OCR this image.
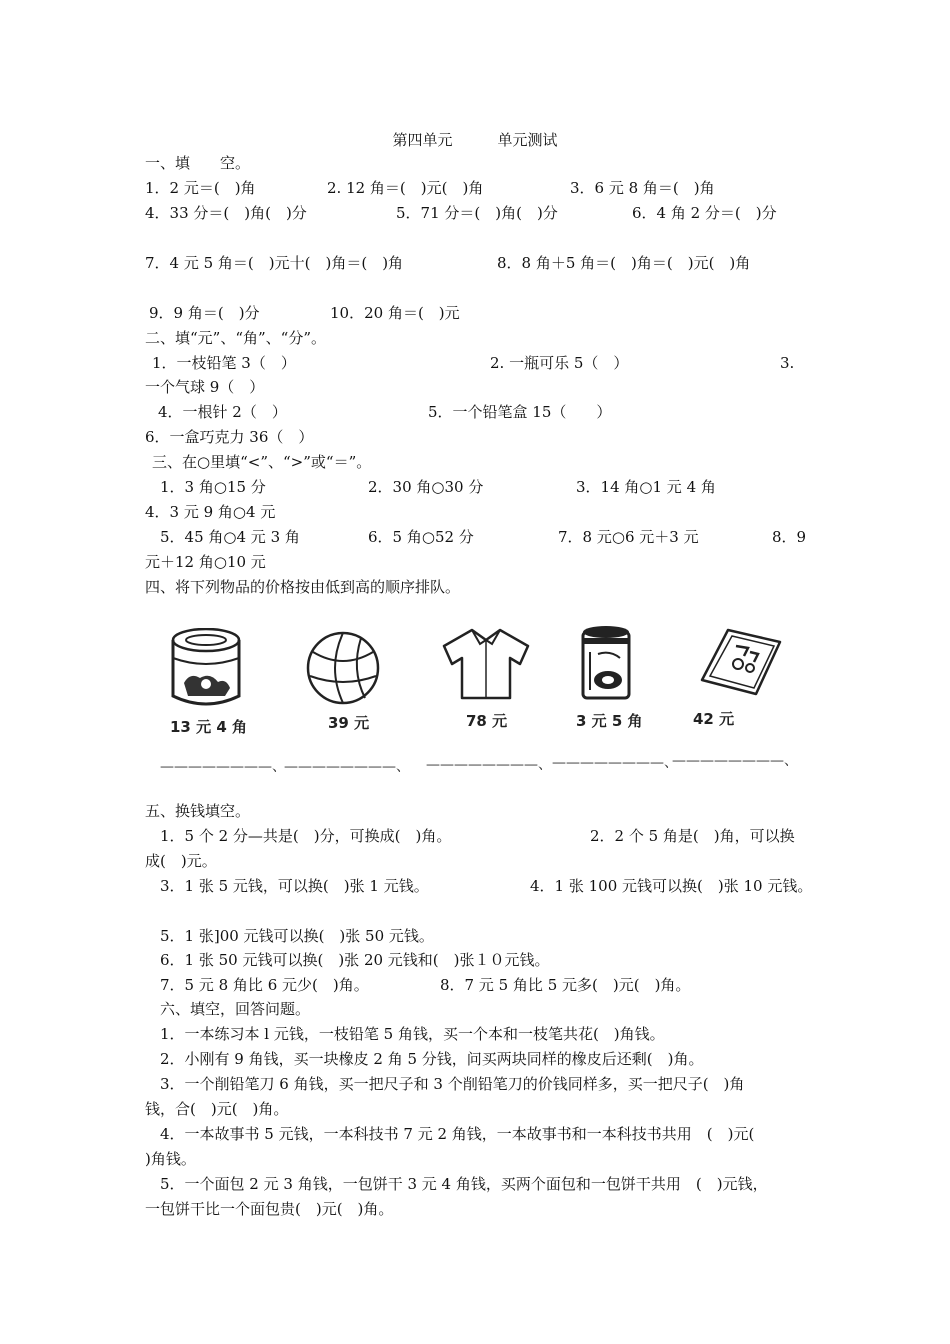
第四单元　　　单元测试
一、填　　空。
1．2 元＝(　)角	2. 12 角＝(　)元(　)角	3．6 元 8 角＝(　)角
4．33 分＝(　)角(　)分	5．71 分＝(　)角(　)分	6．4 角 2 分＝(　)分
7．4 元 5 角＝(　)元十(　)角＝(　)角	8．8 角＋5 角＝(　)角＝(　)元(　)角
9．9 角＝(　)分	10．20 角＝(　)元
二、填“元”、“角”、“分”。
1．一枝铅笔 3（　）	2. 一瓶可乐 5（　）	3.
一个气球 9（　）
4．一根针 2（　）	5．一个铅笔盒 15（　　）
6．一盒巧克力 36（　）
三、在○里填“<”、“>”或“＝”。
1．3 角○15 分	2．30 角○30 分	3．14 角○1 元 4 角
4．3 元 9 角○4 元
5．45 角○4 元 3 角	6．5 角○52 分	7．8 元○6 元＋3 元	8．9
元＋12 角○10 元
四、将下列物品的价格按由低到高的顺序排队。
13 元 4 角	39 元	78 元	3 元 5 角	42 元
————————、
————————、 ————————、 ————————、
————————、
五、换钱填空。
1．5 个 2 分—共是(　)分，可换成(　)角。	2．2 个 5 角是(　)角，可以换
成(　)元。
3．1 张 5 元钱，可以换(　)张 1 元钱。	4．1 张 100 元钱可以换(　)张 10 元钱。
5．1 张]00 元钱可以换(　)张 50 元钱。
6．1 张 50 元钱可以换(　)张 20 元钱和(　)张１０元钱。
7．5 元 8 角比 6 元少(　)角。	8．7 元 5 角比 5 元多(　)元(　)角。
六、填空，回答问题。
1．一本练习本 l 元钱，一枝铅笔 5 角钱，买一个本和一枝笔共花(　)角钱。
2．小刚有 9 角钱，买一块橡皮 2 角 5 分钱，问买两块同样的橡皮后还剩(　)角。
3．一个削铅笔刀 6 角钱，买一把尺子和 3 个削铅笔刀的价钱同样多，买一把尺子(　)角
钱，合(　)元(　)角。
4．一本故事书 5 元钱，一本科技书 7 元 2 角钱，一本故事书和一本科技书共用　(　)元(
)角钱。
5．一个面包 2 元 3 角钱，一包饼干 3 元 4 角钱，买两个面包和一包饼干共用　(　)元钱，
一包饼干比一个面包贵(　)元(　)角。
